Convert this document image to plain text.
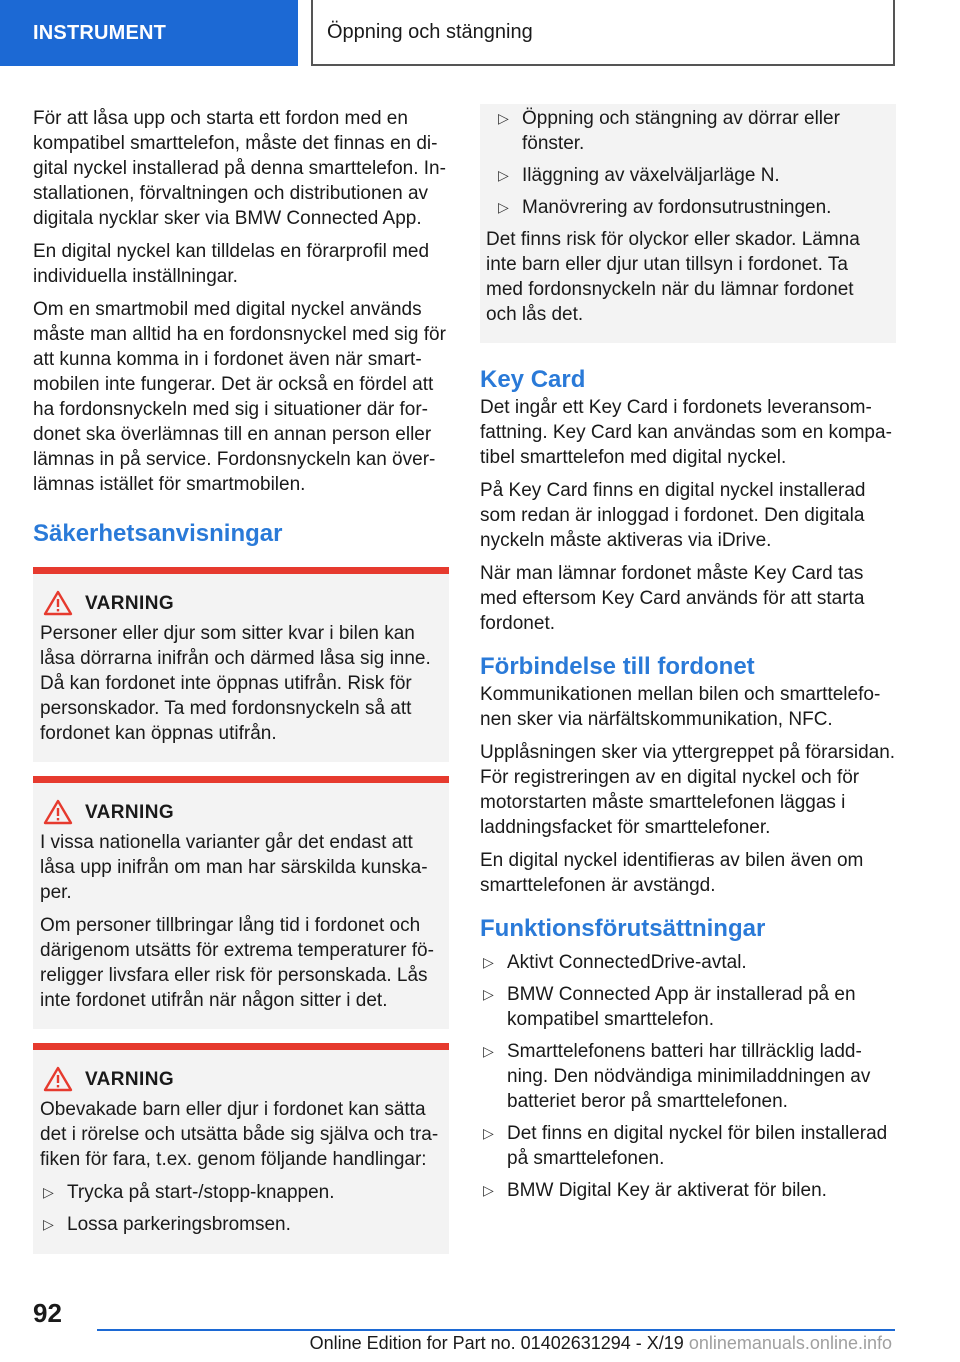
INSTRUMENT	Öppning och stängning

För att låsa upp och starta ett fordon med en kompatibel smarttelefon, måste det finnas en digital nyckel installerad på denna smarttelefon. Installationen, förvaltningen och distributionen av digitala nycklar sker via BMW Connected App.

En digital nyckel kan tilldelas en förarprofil med individuella inställningar.

Om en smartmobil med digital nyckel används måste man alltid ha en fordonsnyckel med sig för att kunna komma in i fordonet även när smartmobilen inte fungerar. Det är också en fördel att ha fordonsnyckeln med sig i situationer där fordonet ska överlämnas till en annan person eller lämnas in på service. Fordonsnyckeln kan överlämnas istället för smartmobilen.

Säkerhetsanvisningar
VARNING

Personer eller djur som sitter kvar i bilen kan låsa dörrarna inifrån och därmed låsa sig inne. Då kan fordonet inte öppnas utifrån. Risk för personskador. Ta med fordonsnyckeln så att fordonet kan öppnas utifrån.

VARNING

I vissa nationella varianter går det endast att låsa upp inifrån om man har särskilda kunskaper.

Om personer tillbringar lång tid i fordonet och därigenom utsätts för extrema temperaturer föreligger livsfara eller risk för personskada. Lås inte fordonet utifrån när någon sitter i det.

VARNING

Obevakade barn eller djur i fordonet kan sätta det i rörelse och utsätta både sig själva och trafiken för fara, t.ex. genom följande handlingar:

▷ Trycka på start-/stopp-knappen.
▷ Lossa parkeringsbromsen.
▷ Öppning och stängning av dörrar eller fönster.
▷ Iläggning av växelväljarläge N.
▷ Manövrering av fordonsutrustningen.

Det finns risk för olyckor eller skador. Lämna inte barn eller djur utan tillsyn i fordonet. Ta med fordonsnyckeln när du lämnar fordonet och lås det.

Key Card

Det ingår ett Key Card i fordonets leveransomfattning. Key Card kan användas som en kompatibel smarttelefon med digital nyckel.

På Key Card finns en digital nyckel installerad som redan är inloggad i fordonet. Den digitala nyckeln måste aktiveras via iDrive.

När man lämnar fordonet måste Key Card tas med eftersom Key Card används för att starta fordonet.

Förbindelse till fordonet

Kommunikationen mellan bilen och smarttelefonen sker via närfältskommunikation, NFC.

Upplåsningen sker via yttergreppet på förarsidan. För registreringen av en digital nyckel och för motorstarten måste smarttelefonen läggas i laddningsfacket för smarttelefoner.

En digital nyckel identifieras av bilen även om smarttelefonen är avstängd.

Funktionsförutsättningar
▷ Aktivt ConnectedDrive-avtal.
▷ BMW Connected App är installerad på en kompatibel smarttelefon.
▷ Smarttelefonens batteri har tillräcklig laddning. Den nödvändiga minimiladdningen av batteriet beror på smarttelefonen.
▷ Det finns en digital nyckel för bilen installerad på smarttelefonen.
▷ BMW Digital Key är aktiverat för bilen.
92
Online Edition for Part no. 01402631294 - X/19 onlinemanuals.online.info
